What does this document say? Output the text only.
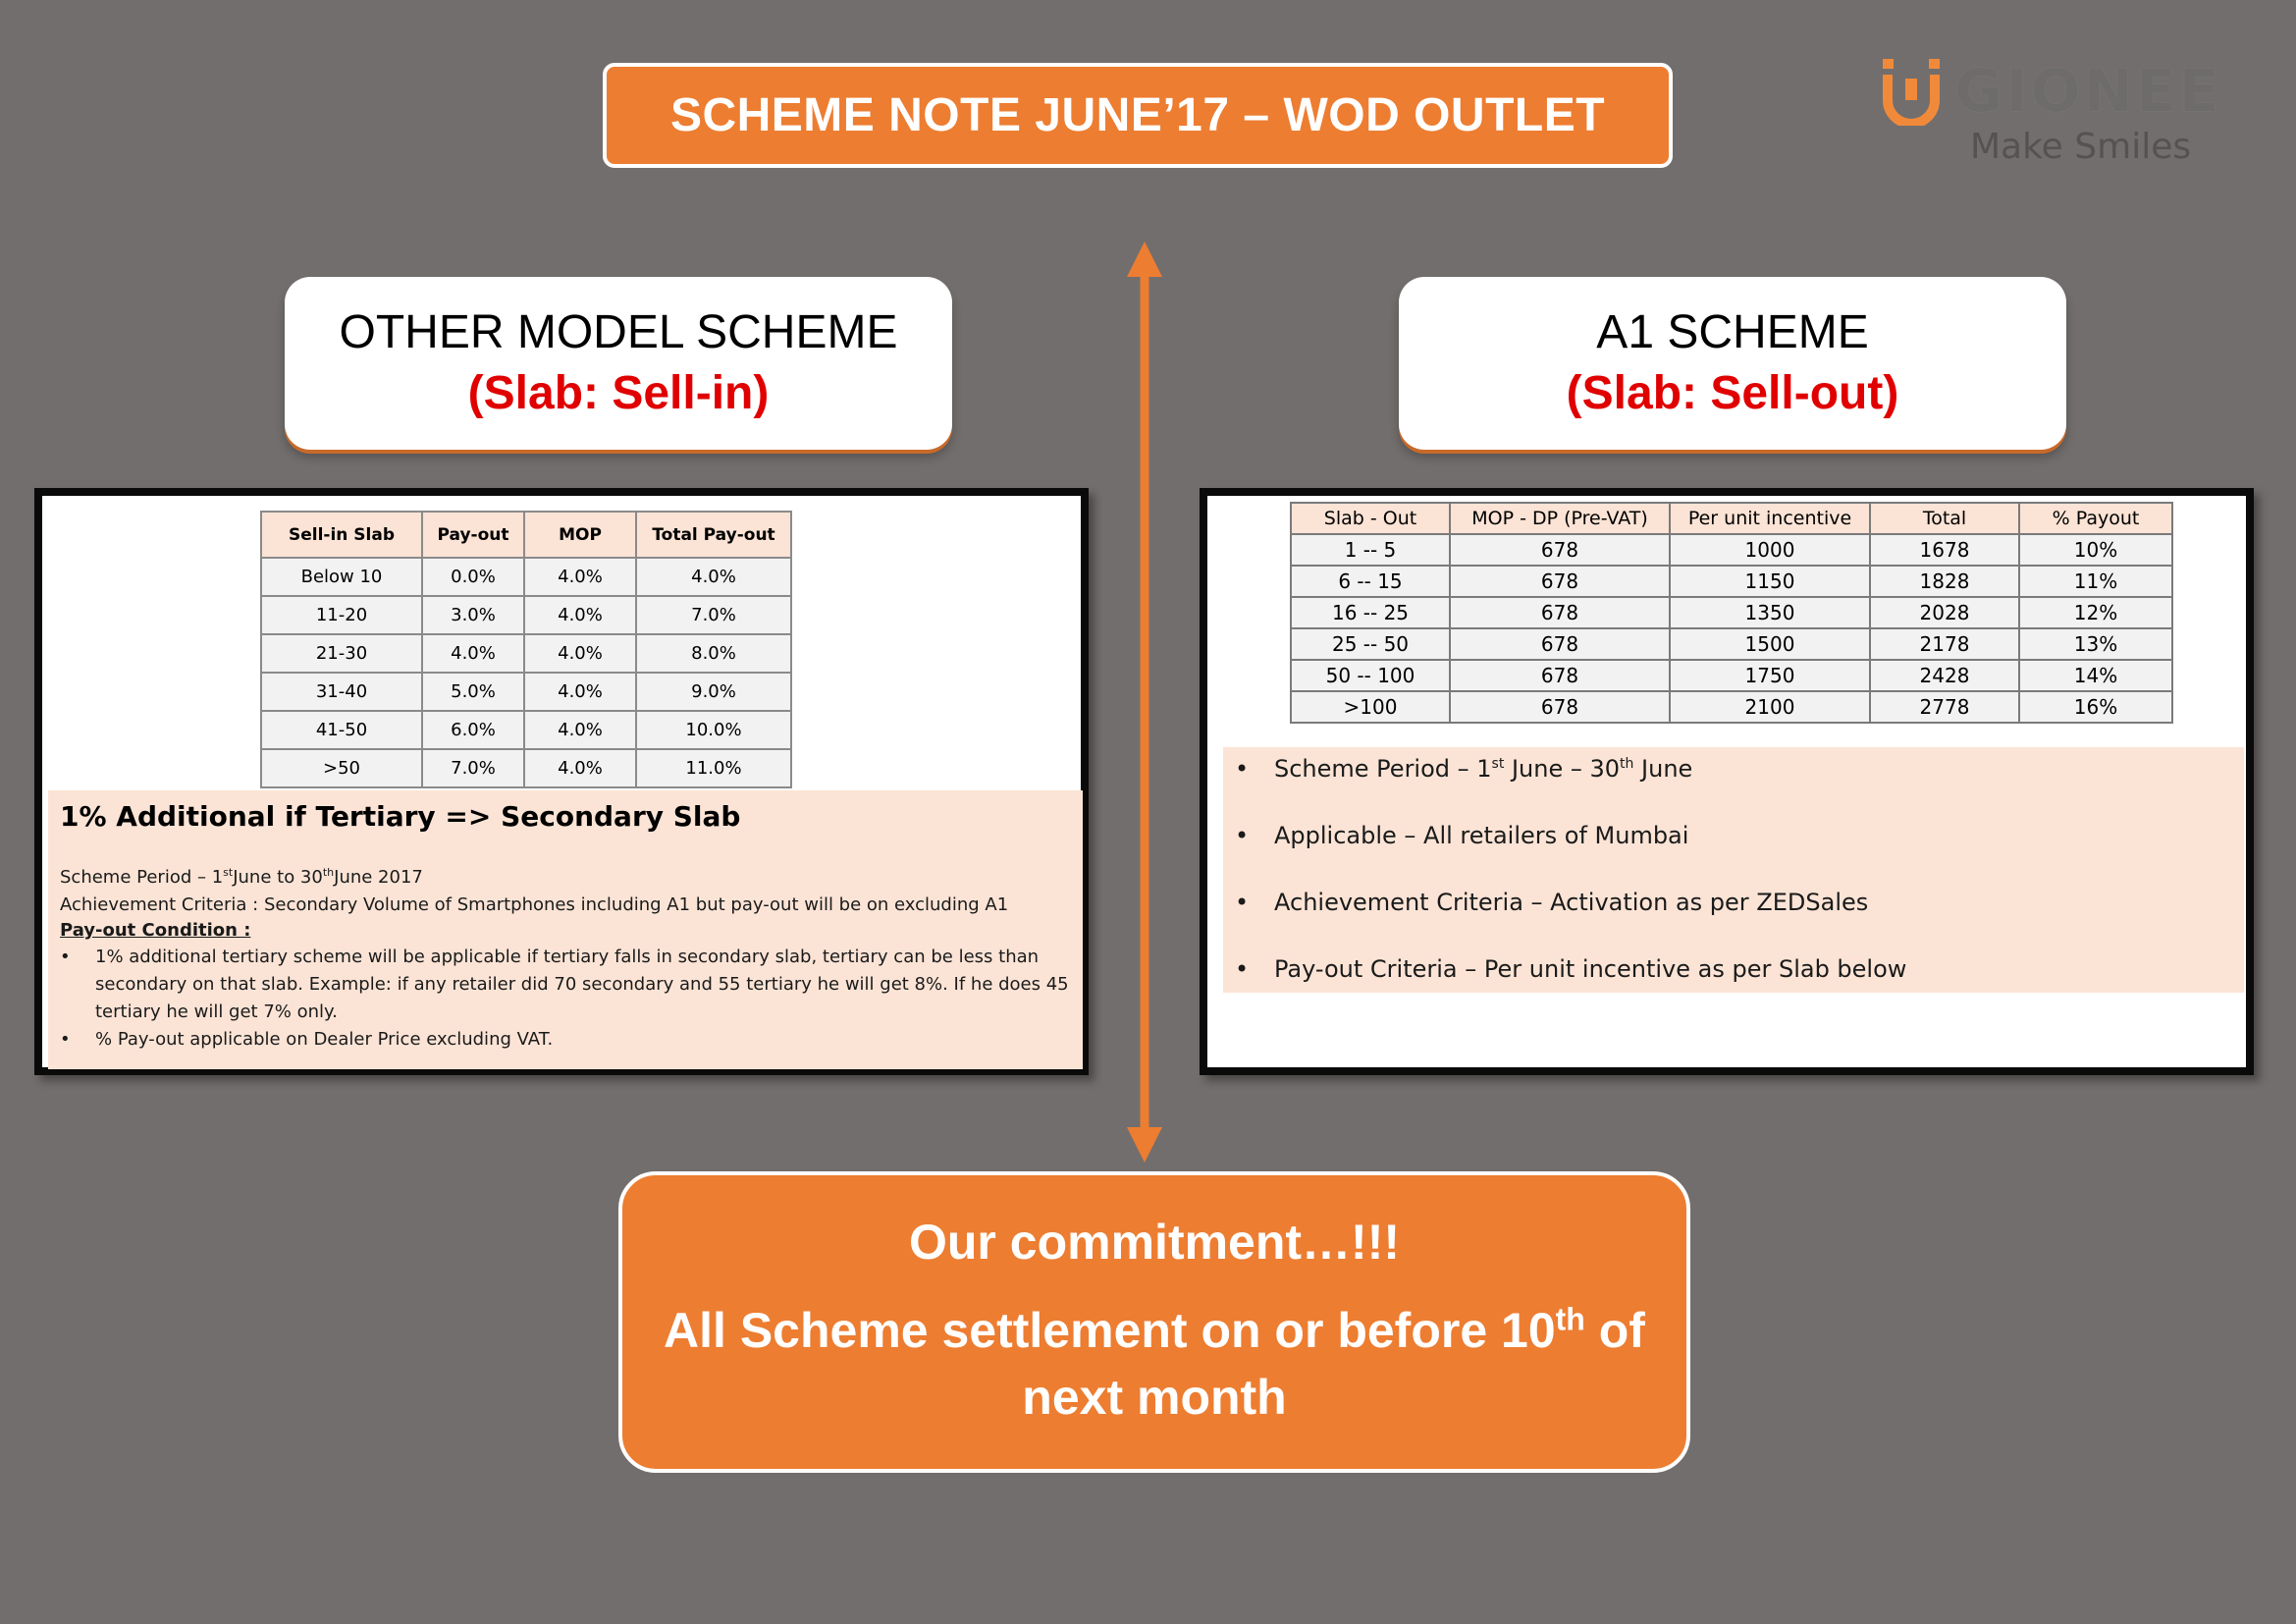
SCHEME NOTE JUNE’17 – WOD OUTLET	GIONEE
Make Smiles
OTHER MODEL SCHEME
(Slab: Sell-in)
A1 SCHEME
(Slab: Sell-out)
Sell-in Slab	Pay-out	MOP	Total Pay-out
Below 10	0.0%	4.0%	4.0%
11-20	3.0%	4.0%	7.0%
21-30	4.0%	4.0%	8.0%
31-40	5.0%	4.0%	9.0%
41-50	6.0%	4.0%	10.0%
>50	7.0%	4.0%	11.0%
1% Additional if Tertiary => Secondary Slab
Scheme Period – 1stJune to 30thJune 2017
Achievement Criteria : Secondary Volume of Smartphones including A1 but pay-out will be on excluding A1
Pay-out Condition :
•	1% additional tertiary scheme will be applicable if tertiary falls in secondary slab, tertiary can be less than secondary on that slab. Example: if any retailer did 70 secondary and 55 tertiary he will get 8%. If he does 45 tertiary he will get 7% only.
•	% Pay-out applicable on Dealer Price excluding VAT.
Slab - Out	MOP - DP (Pre-VAT)	Per unit incentive	Total	% Payout
1 -- 5	678	1000	1678	10%
6 -- 15	678	1150	1828	11%
16 -- 25	678	1350	2028	12%
25 -- 50	678	1500	2178	13%
50 -- 100	678	1750	2428	14%
>100	678	2100	2778	16%
•	Scheme Period – 1st June – 30th June
•	Applicable – All retailers of Mumbai
•	Achievement Criteria – Activation as per ZEDSales
•	Pay-out Criteria – Per unit incentive as per Slab below
Our commitment…!!!
All Scheme settlement on or before 10th of next month
